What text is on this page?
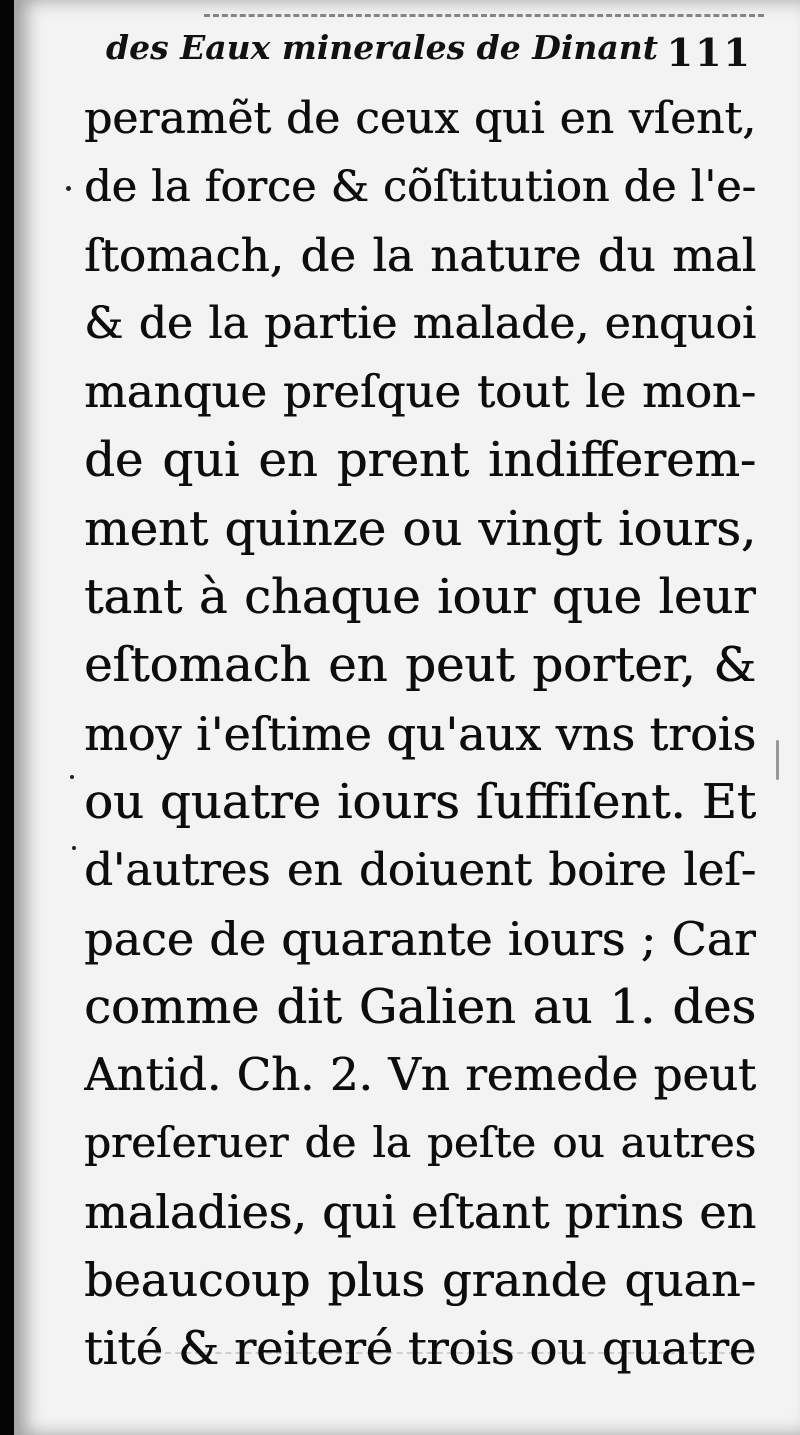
des Eaux minerales de Dinant 111
peramẽt de ceux qui en vſent,
de la force & cõſtitution de l'e-
ſtomach, de la nature du mal
& de la partie malade, enquoi
manque preſque tout le mon-
de qui en prent indifferem-
ment quinze ou vingt iours,
tant à chaque iour que leur
eſtomach en peut porter, &
moy i'eſtime qu'aux vns trois
ou quatre iours ſuffiſent. Et
d'autres en doiuent boire leſ-
pace de quarante iours ; Car
comme dit Galien au 1. des
Antid. Ch. 2. Vn remede peut
preſeruer de la peſte ou autres
maladies, qui eſtant prins en
beaucoup plus grande quan-
tité & reiteré trois ou quatre
